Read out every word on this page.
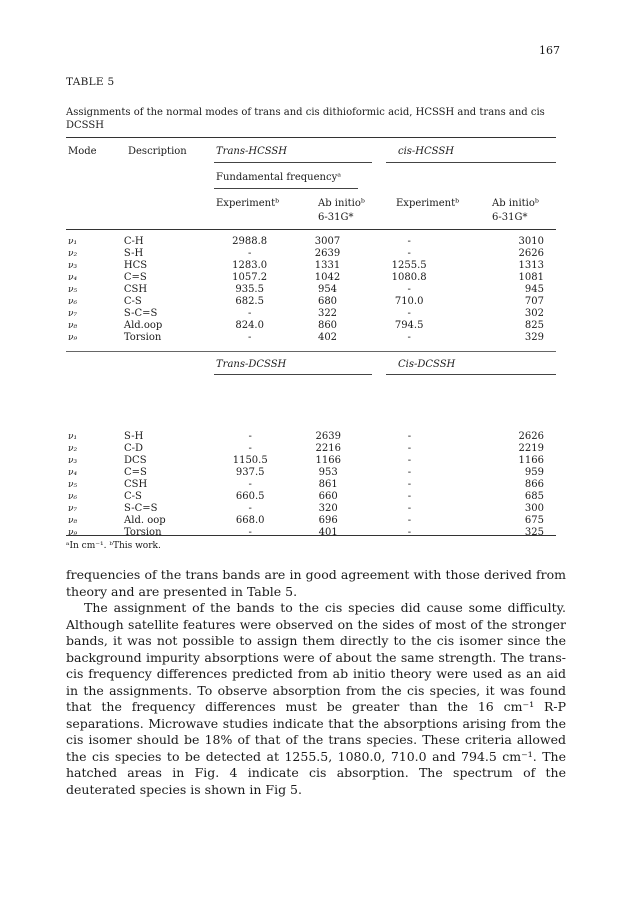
167
TABLE 5
Assignments of the normal modes of trans and cis dithioformic acid, HCSSH and trans and cis DCSSH
Mode	Description	Trans-HCSSH	cis-HCSSH
Fundamental frequencyᵃ
Experimentᵇ	Ab initioᵇ
6-31G*
Experimentᵇ	Ab initioᵇ
6-31G*
ν₁	C-H	2988.8	3007	-	3010
ν₂	S-H	-	2639	-	2626
ν₃	HCS	1283.0	1331	1255.5	1313
ν₄	C=S	1057.2	1042	1080.8	1081
ν₅	CSH	935.5	954	-	945
ν₆	C-S	682.5	680	710.0	707
ν₇	S-C=S	-	322	-	302
ν₈	Ald.oop	824.0	860	794.5	825
ν₉	Torsion	-	402	-	329
Trans-DCSSH	Cis-DCSSH
ν₁	S-H	-	2639	-	2626
ν₂	C-D	-	2216	-	2219
ν₃	DCS	1150.5	1166	-	1166
ν₄	C=S	937.5	953	-	959
ν₅	CSH	-	861	-	866
ν₆	C-S	660.5	660	-	685
ν₇	S-C=S	-	320	-	300
ν₈	Ald. oop	668.0	696	-	675
ν₉	Torsion	-	401	-	325
ᵃIn cm⁻¹. ᵇThis work.

frequencies of the trans bands are in good agreement with those derived from theory and are presented in Table 5.

The assignment of the bands to the cis species did cause some difficulty. Although satellite features were observed on the sides of most of the stronger bands, it was not possible to assign them directly to the cis isomer since the background impurity absorptions were of about the same strength. The trans-cis frequency differences predicted from ab initio theory were used as an aid in the assignments. To observe absorption from the cis species, it was found that the frequency differences must be greater than the 16 cm⁻¹ R-P separations. Microwave studies indicate that the absorptions arising from the cis isomer should be 18% of that of the trans species. These criteria allowed the cis species to be detected at 1255.5, 1080.0, 710.0 and 794.5 cm⁻¹. The hatched areas in Fig. 4 indicate cis absorption. The spectrum of the deuterated species is shown in Fig 5.
